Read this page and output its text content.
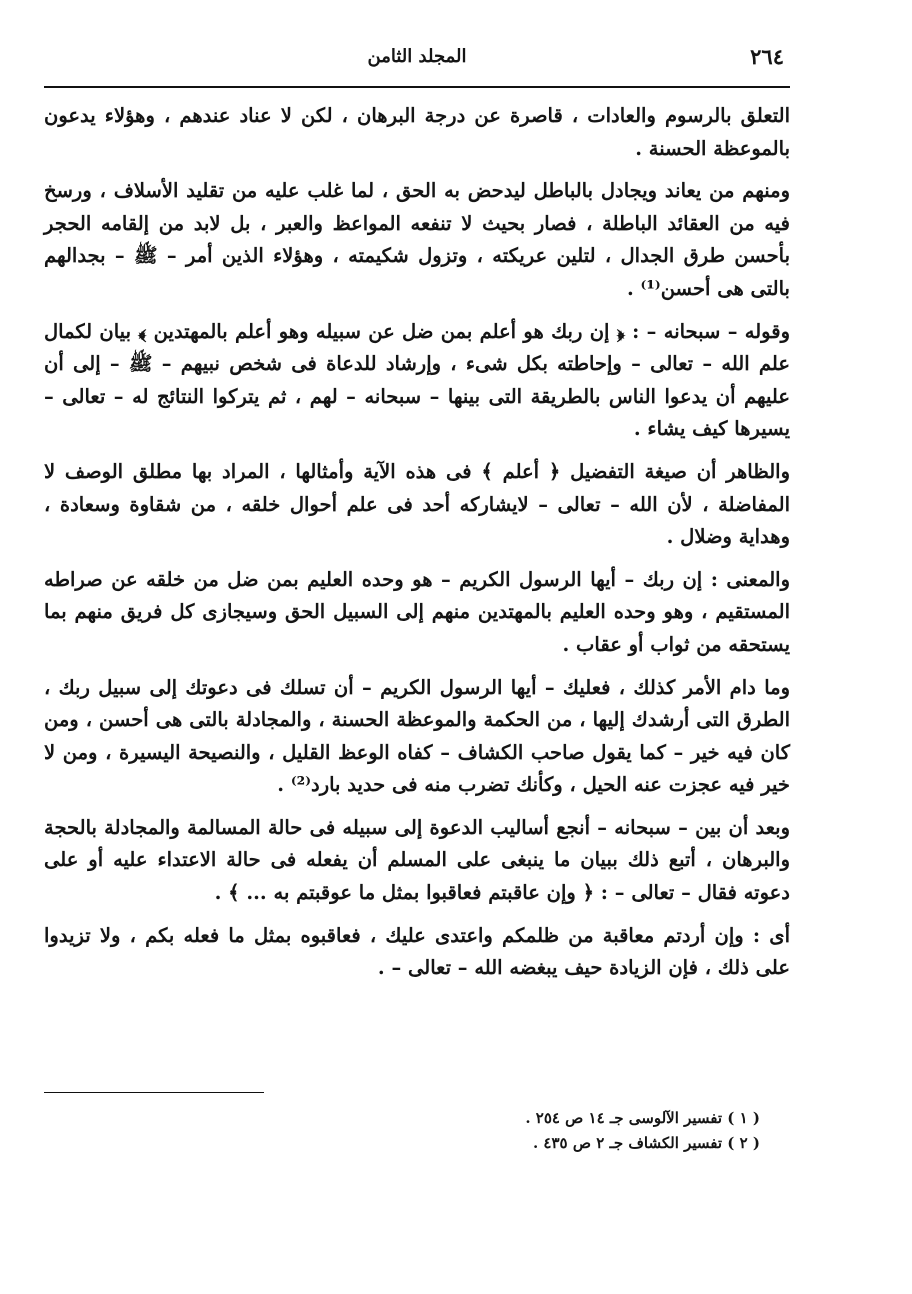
٢٦٤
المجلد الثامن

التعلق بالرسوم والعادات ، قاصرة عن درجة البرهان ، لكن لا عناد عندهم ، وهؤلاء يدعون بالموعظة الحسنة .

ومنهم من يعاند ويجادل بالباطل ليدحض به الحق ، لما غلب عليه من تقليد الأسلاف ، ورسخ فيه من العقائد الباطلة ، فصار بحيث لا تنفعه المواعظ والعبر ، بل لابد من إلقامه الحجر بأحسن طرق الجدال ، لتلين عريكته ، وتزول شكيمته ، وهؤلاء الذين أمر – ﷺ – بجدالهم بالتى هى أحسن⁽¹⁾ .

وقوله – سبحانه – : ﴿ إن ربك هو أعلم بمن ضل عن سبيله وهو أعلم بالمهتدين ﴾ بيان لكمال علم الله – تعالى – وإحاطته بكل شىء ، وإرشاد للدعاة فى شخص نبيهم – ﷺ – إلى أن عليهم أن يدعوا الناس بالطريقة التى بينها – سبحانه – لهم ، ثم يتركوا النتائج له – تعالى – يسيرها كيف يشاء .

والظاهر أن صيغة التفضيل ﴿ أعلم ﴾ فى هذه الآية وأمثالها ، المراد بها مطلق الوصف لا المفاضلة ، لأن الله – تعالى – لايشاركه أحد فى علم أحوال خلقه ، من شقاوة وسعادة ، وهداية وضلال .

والمعنى : إن ربك – أيها الرسول الكريم – هو وحده العليم بمن ضل من خلقه عن صراطه المستقيم ، وهو وحده العليم بالمهتدين منهم إلى السبيل الحق وسيجازى كل فريق منهم بما يستحقه من ثواب أو عقاب .

وما دام الأمر كذلك ، فعليك – أيها الرسول الكريم – أن تسلك فى دعوتك إلى سبيل ربك ، الطرق التى أرشدك إليها ، من الحكمة والموعظة الحسنة ، والمجادلة بالتى هى أحسن ، ومن كان فيه خير – كما يقول صاحب الكشاف – كفاه الوعظ القليل ، والنصيحة اليسيرة ، ومن لا خير فيه عجزت عنه الحيل ، وكأنك تضرب منه فى حديد بارد⁽²⁾ .

وبعد أن بين – سبحانه – أنجع أساليب الدعوة إلى سبيله فى حالة المسالمة والمجادلة بالحجة والبرهان ، أتبع ذلك ببيان ما ينبغى على المسلم أن يفعله فى حالة الاعتداء عليه أو على دعوته فقال – تعالى – : ﴿ وإن عاقبتم فعاقبوا بمثل ما عوقبتم به ... ﴾ .

أى : وإن أردتم معاقبة من ظلمكم واعتدى عليك ، فعاقبوه بمثل ما فعله بكم ، ولا تزيدوا على ذلك ، فإن الزيادة حيف يبغضه الله – تعالى – .

( ١ ) تفسير الآلوسى جـ ١٤ ص ٢٥٤ .
( ٢ ) تفسير الكشاف جـ ٢ ص ٤٣٥ .
